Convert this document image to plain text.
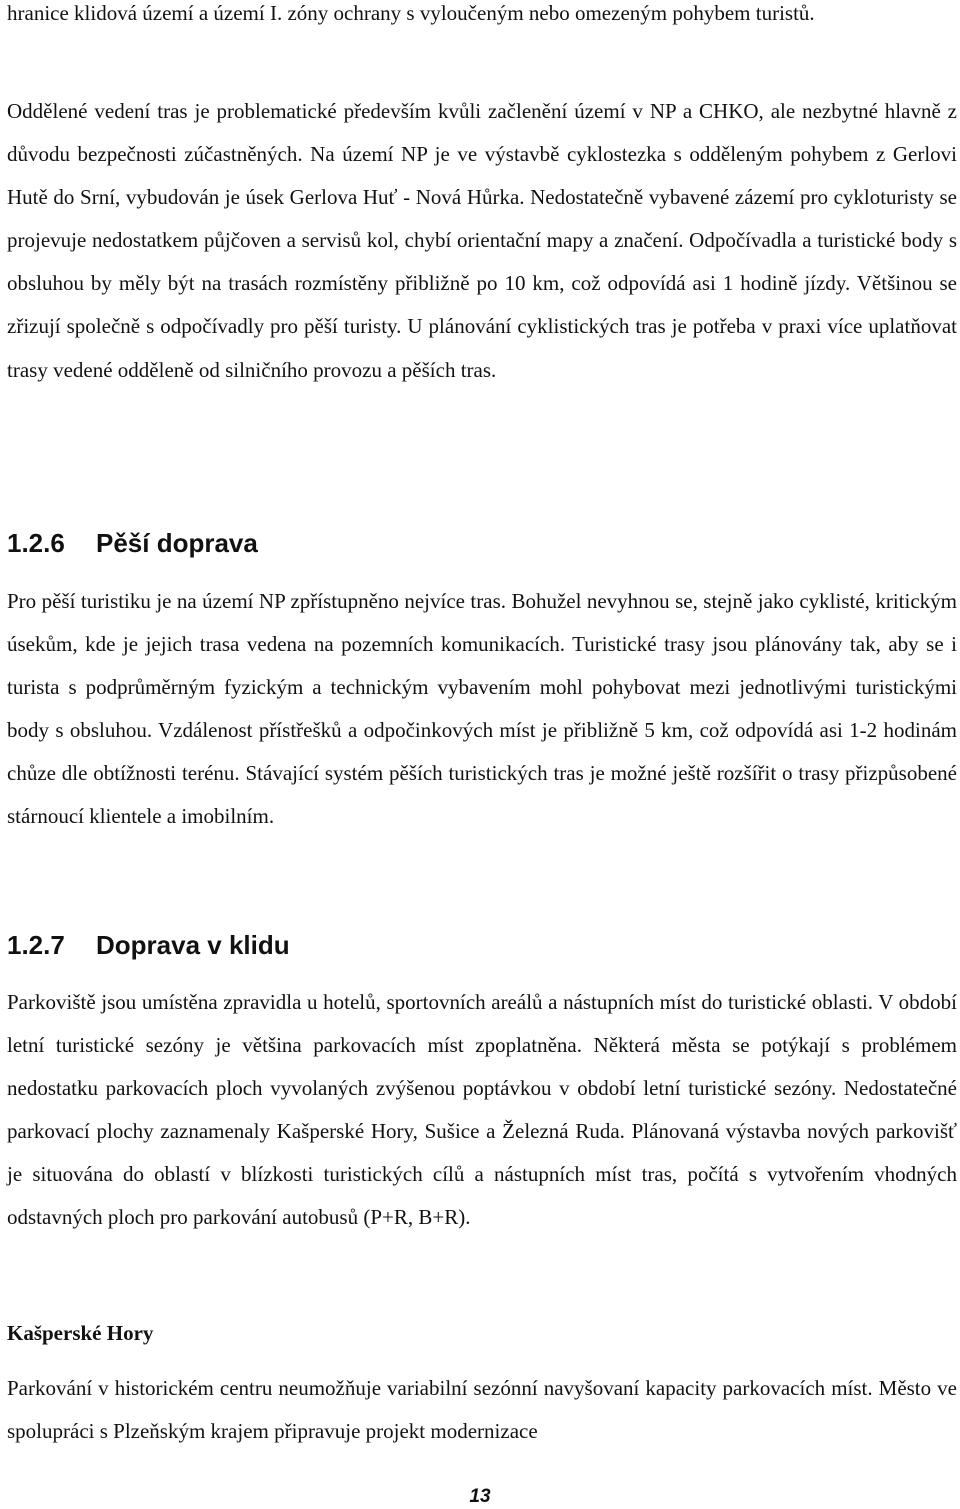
hranice klidová území a území I. zóny ochrany s vyloučeným nebo omezeným pohybem turistů.

Oddělené vedení tras je problematické především kvůli začlenění území v NP a CHKO, ale nezbytné hlavně z důvodu bezpečnosti zúčastněných. Na území NP je ve výstavbě cyklostezka s odděleným pohybem z Gerlovi Hutě do Srní, vybudován je úsek Gerlova Huť - Nová Hůrka. Nedostatečně vybavené zázemí pro cykloturisty se projevuje nedostatkem půjčoven a servisů kol, chybí orientační mapy a značení. Odpočívadla a turistické body s obsluhou by měly být na trasách rozmístěny přibližně po 10 km, což odpovídá asi 1 hodině jízdy. Většinou se zřizují společně s odpočívadly pro pěší turisty. U plánování cyklistických tras je potřeba v praxi více uplatňovat trasy vedené odděleně od silničního provozu a pěších tras.

1.2.6 Pěší doprava

Pro pěší turistiku je na území NP zpřístupněno nejvíce tras. Bohužel nevyhnou se, stejně jako cyklisté, kritickým úsekům, kde je jejich trasa vedena na pozemních komunikacích. Turistické trasy jsou plánovány tak, aby se i turista s podprůměrným fyzickým a technickým vybavením mohl pohybovat mezi jednotlivými turistickými body s obsluhou. Vzdálenost přístřešků a odpočinkových míst je přibližně 5 km, což odpovídá asi 1-2 hodinám chůze dle obtížnosti terénu. Stávající systém pěších turistických tras je možné ještě rozšířit o trasy přizpůsobené stárnoucí klientele a imobilním.

1.2.7 Doprava v klidu

Parkoviště jsou umístěna zpravidla u hotelů, sportovních areálů a nástupních míst do turistické oblasti. V období letní turistické sezóny je většina parkovacích míst zpoplatněna. Některá města se potýkají s problémem nedostatku parkovacích ploch vyvolaných zvýšenou poptávkou v období letní turistické sezóny. Nedostatečné parkovací plochy zaznamenaly Kašperské Hory, Sušice a Železná Ruda. Plánovaná výstavba nových parkovišť je situována do oblastí v blízkosti turistických cílů a nástupních míst tras, počítá s vytvořením vhodných odstavných ploch pro parkování autobusů (P+R, B+R).

Kašperské Hory

Parkování v historickém centru neumožňuje variabilní sezónní navyšovaní kapacity parkovacích míst. Město ve spolupráci s Plzeňským krajem připravuje projekt modernizace

13
